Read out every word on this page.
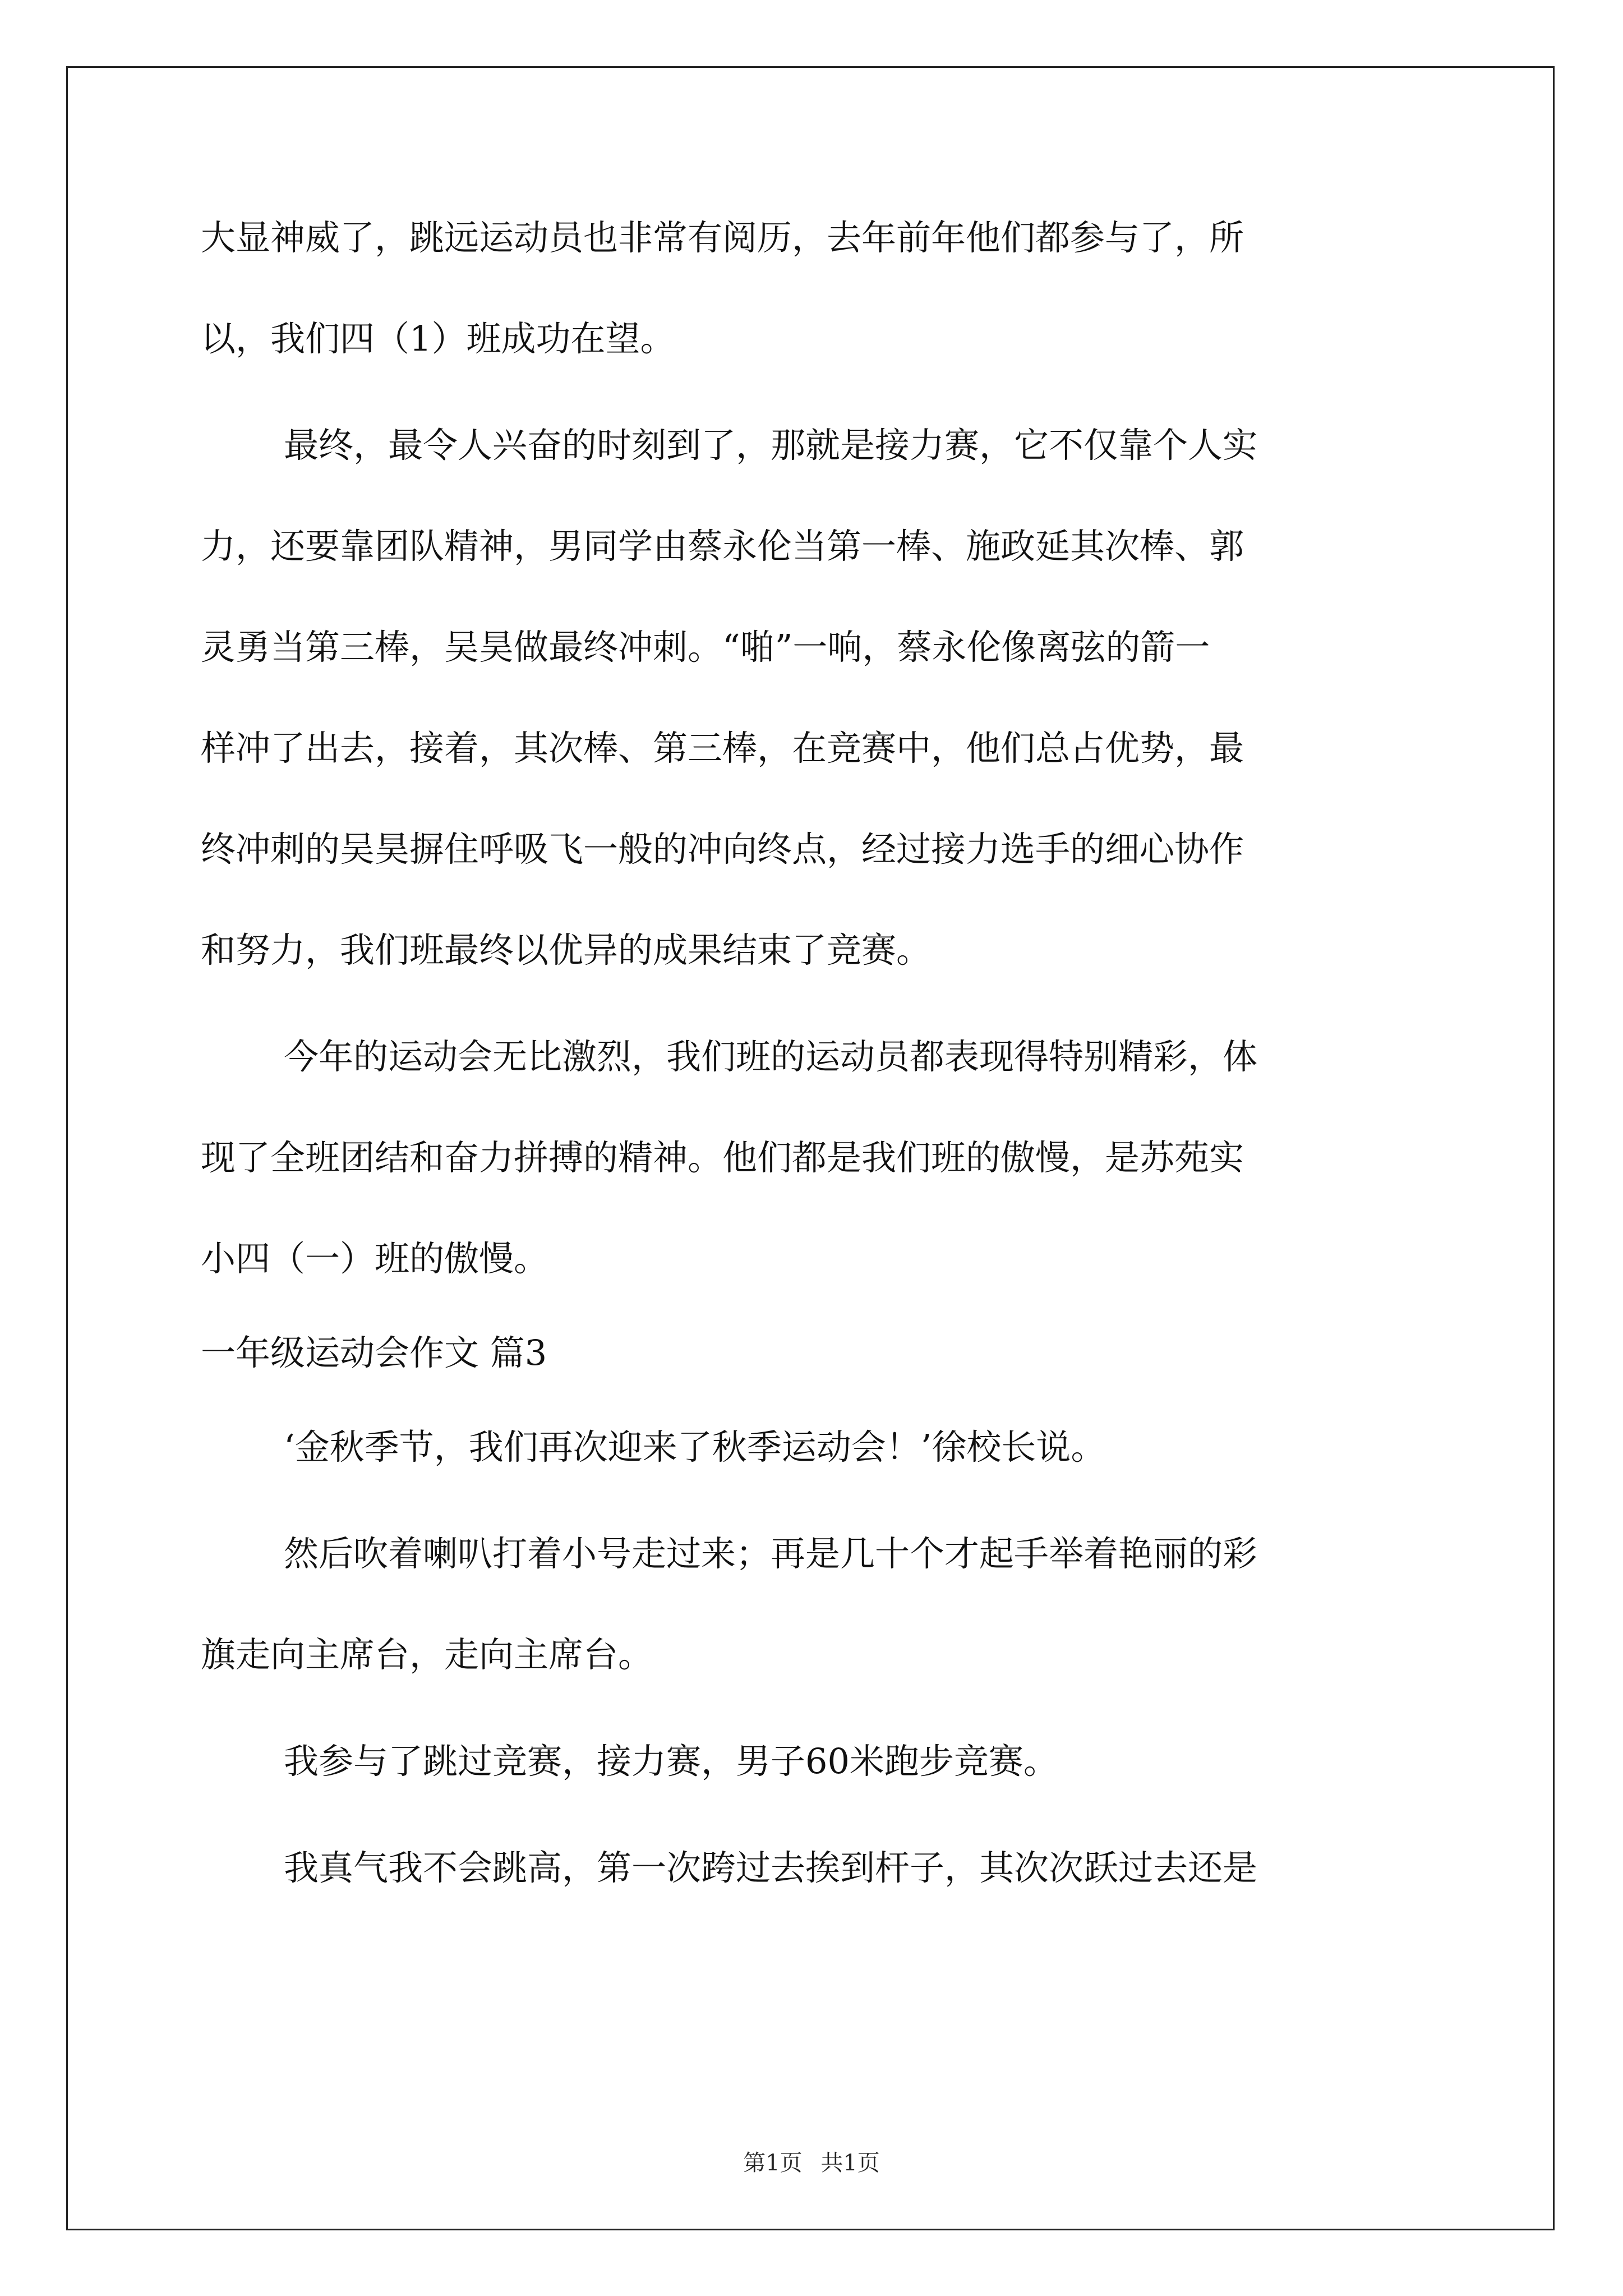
大显神威了，跳远运动员也非常有阅历，去年前年他们都参与了，所

以，我们四（1）班成功在望。

最终，最令人兴奋的时刻到了，那就是接力赛，它不仅靠个人实

力，还要靠团队精神，男同学由蔡永伦当第一棒、施政延其次棒、郭

灵勇当第三棒，吴昊做最终冲刺。“啪”一响，蔡永伦像离弦的箭一

样冲了出去，接着，其次棒、第三棒，在竞赛中，他们总占优势，最

终冲刺的吴昊摒住呼吸飞一般的冲向终点，经过接力选手的细心协作

和努力，我们班最终以优异的成果结束了竞赛。

今年的运动会无比激烈，我们班的运动员都表现得特别精彩，体

现了全班团结和奋力拼搏的精神。他们都是我们班的傲慢，是苏苑实

小四（一）班的傲慢。

一年级运动会作文 篇3

‘金秋季节，我们再次迎来了秋季运动会！’徐校长说。

然后吹着喇叭打着小号走过来；再是几十个才起手举着艳丽的彩

旗走向主席台，走向主席台。

我参与了跳过竞赛，接力赛，男子60米跑步竞赛。

我真气我不会跳高，第一次跨过去挨到杆子，其次次跃过去还是

第1页 共1页
